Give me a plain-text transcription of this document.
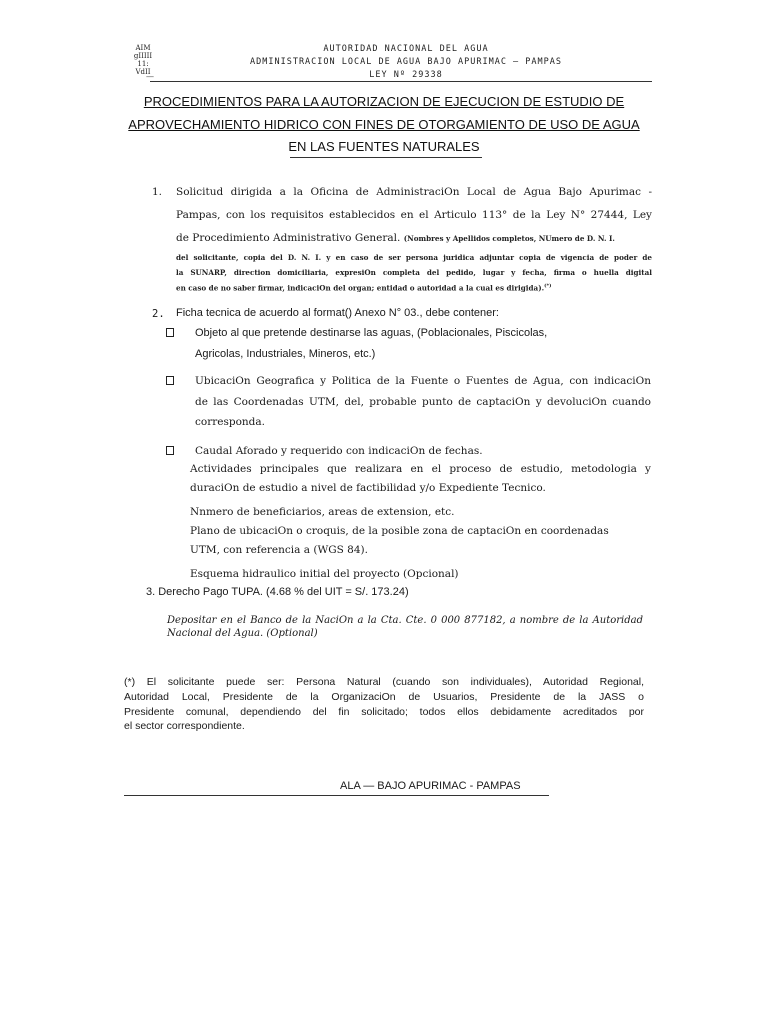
AIM
gIIIII
11:
VdII
—
AUTORIDAD NACIONAL DEL AGUA
ADMINISTRACION LOCAL DE AGUA BAJO APURIMAC — PAMPAS
LEY Nº 29338
PROCEDIMIENTOS PARA LA AUTORIZACION DE EJECUCION DE ESTUDIO DE
APROVECHAMIENTO HIDRICO CON FINES DE OTORGAMIENTO DE USO DE AGUA
EN LAS FUENTES NATURALES
1. Solicitud dirigida a la Oficina de AdministraciOn Local de Agua Bajo Apurimac -
Pampas, con los requisitos establecidos en el Articulo 113° de la Ley N° 27444, Ley
de Procedimiento Administrativo General. (Nombres y Apellidos completos, NUmero de D. N. I.
del solicitante, copia del D. N. I. y en caso de ser persona juridica adjuntar copia de vigencia de poder de
la SUNARP, direction domiciliaria, expresiOn completa del pedido, lugar y fecha, firma o huella digital
en caso de no saber firmar, indicaciOn del organ; entidad o autoridad a la cual es dirigida).(*)
2. Ficha tecnica de acuerdo al format() Anexo N° 03., debe contener:
Objeto al que pretende destinarse las aguas, (Poblacionales, Piscicolas,
Agricolas, Industriales, Mineros, etc.)
UbicaciOn Geografica y Politica de la Fuente o Fuentes de Agua, con indicaciOn
de las Coordenadas UTM, del, probable punto de captaciOn y devoluciOn cuando
corresponda.
Caudal Aforado y requerido con indicaciOn de fechas.
Actividades principales que realizara en el proceso de estudio, metodologia y
duraciOn de estudio a nivel de factibilidad y/o Expediente Tecnico.
Nnmero de beneficiarios, areas de extension, etc.
Plano de ubicaciOn o croquis, de la posible zona de captaciOn en coordenadas
UTM, con referencia a (WGS 84).
Esquema hidraulico initial del proyecto (Opcional)
3. Derecho Pago TUPA. (4.68 % del UIT = S/. 173.24)
Depositar en el Banco de la NaciOn a la Cta. Cte. 0 000 877182, a nombre de la Autoridad
Nacional del Agua. (Optional)
(*) El solicitante puede ser: Persona Natural (cuando son individuales), Autoridad Regional,
Autoridad Local, Presidente de la OrganizaciOn de Usuarios, Presidente de la JASS o
Presidente comunal, dependiendo del fin solicitado; todos ellos debidamente acreditados por
el sector correspondiente.
ALA — BAJO APURIMAC - PAMPAS
